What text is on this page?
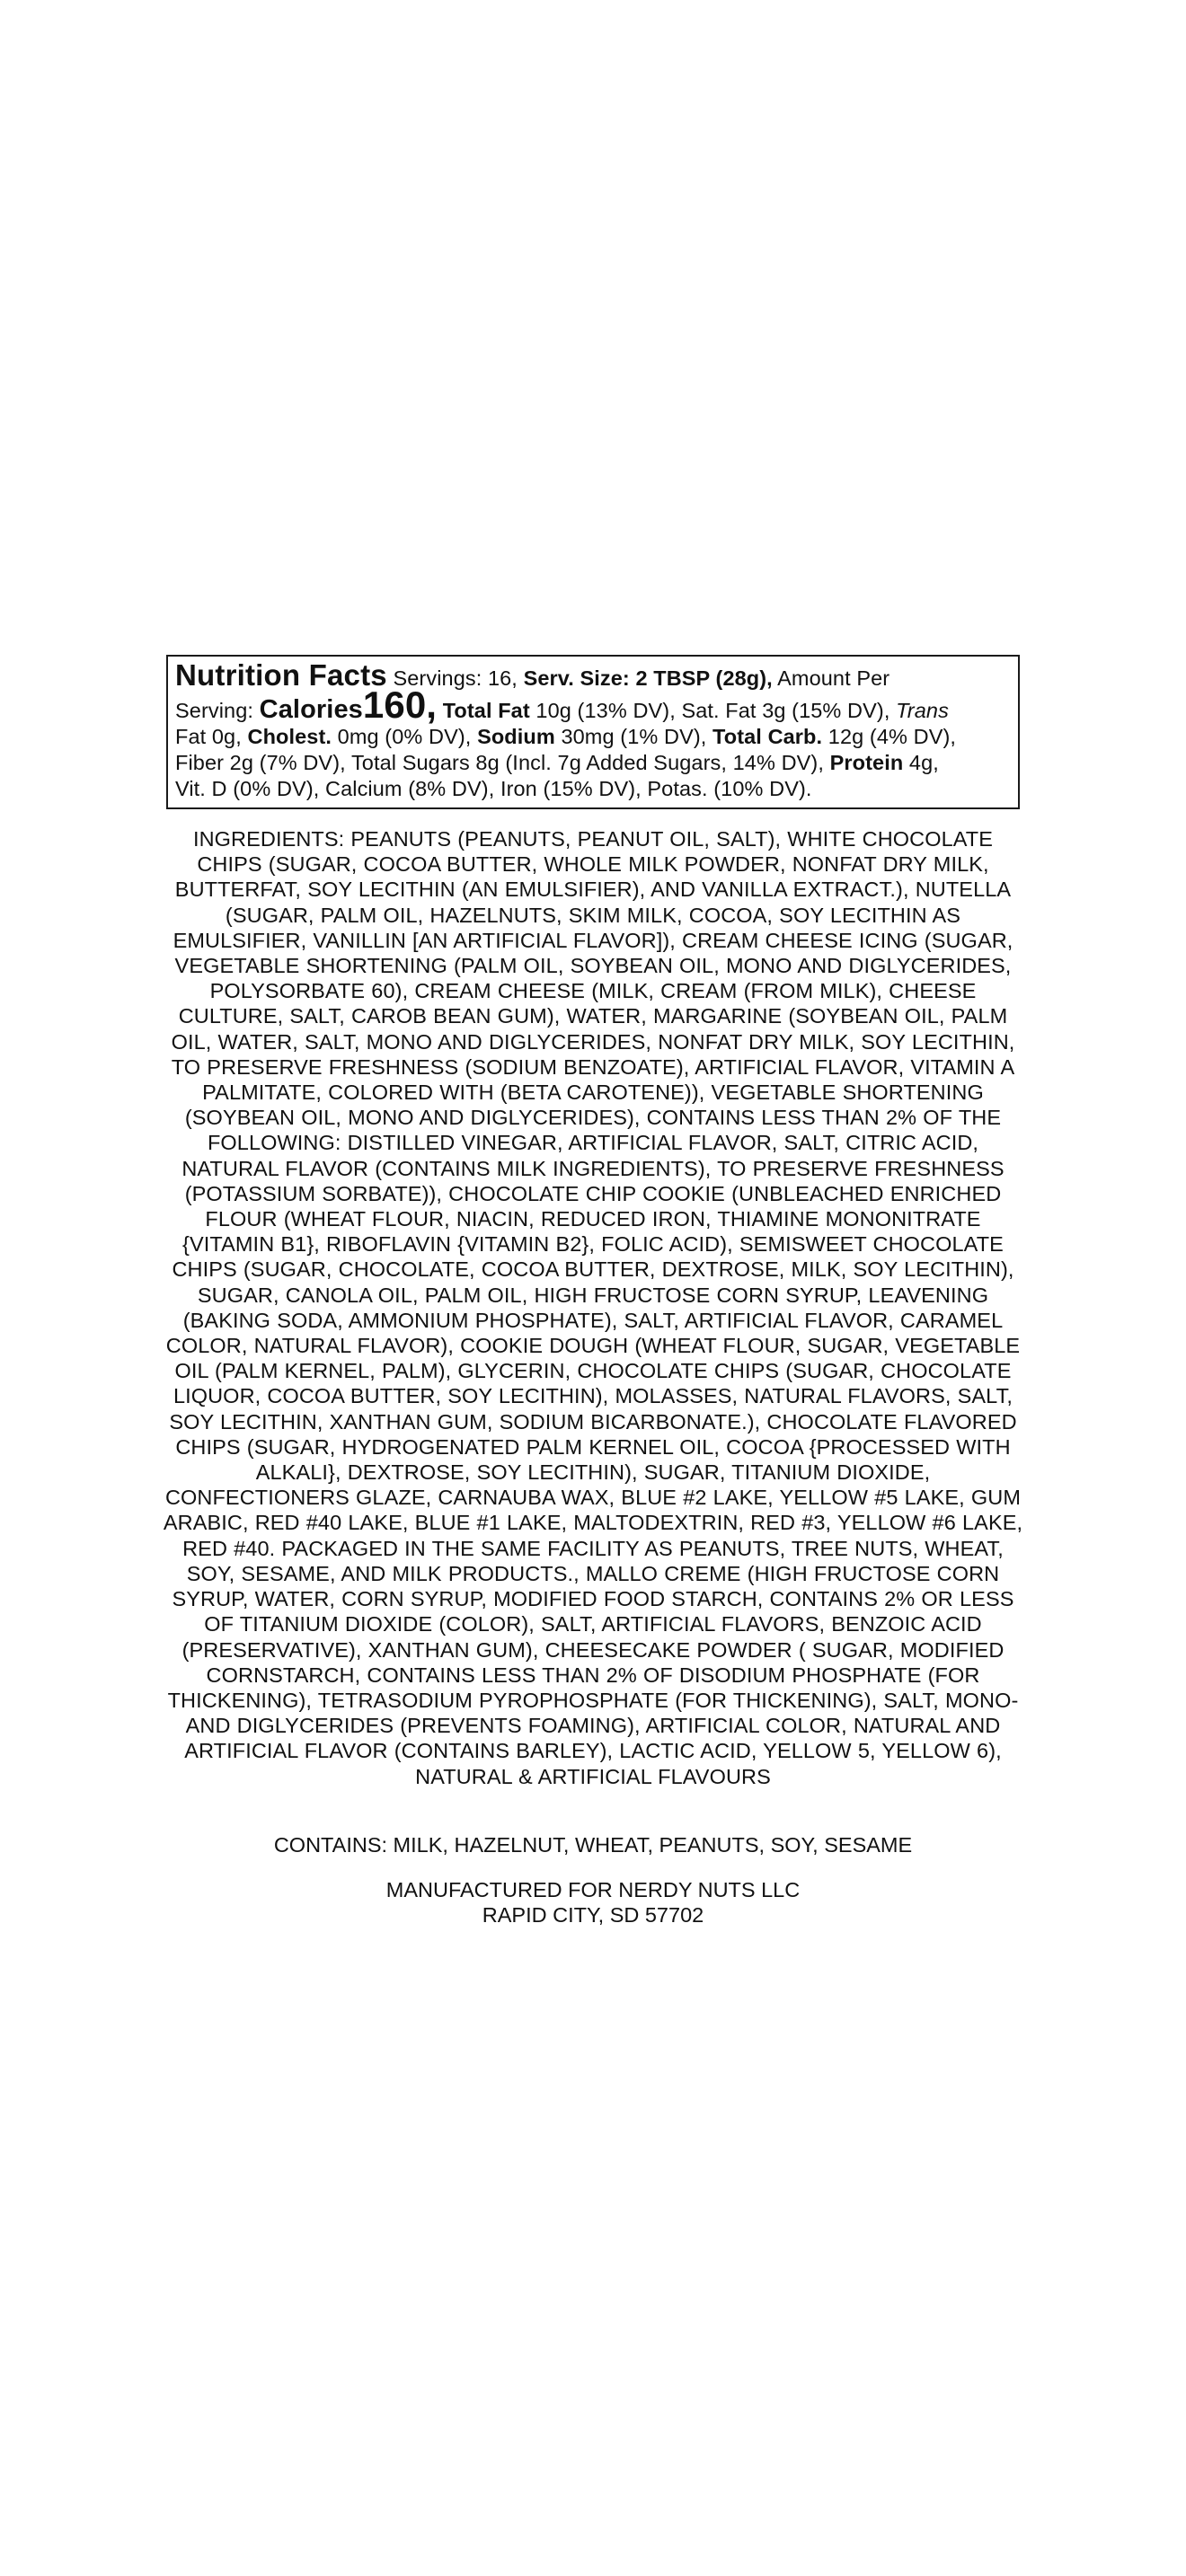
Nutrition Facts Servings: 16, Serv. Size: 2 TBSP (28g), Amount Per
Serving: Calories160, Total Fat 10g (13% DV), Sat. Fat 3g (15% DV), Trans
Fat 0g, Cholest. 0mg (0% DV), Sodium 30mg (1% DV), Total Carb. 12g (4% DV),
Fiber 2g (7% DV), Total Sugars 8g (Incl. 7g Added Sugars, 14% DV), Protein 4g,
Vit. D (0% DV), Calcium (8% DV), Iron (15% DV), Potas. (10% DV).
INGREDIENTS: PEANUTS (PEANUTS, PEANUT OIL, SALT), WHITE CHOCOLATE CHIPS (SUGAR, COCOA BUTTER, WHOLE MILK POWDER, NONFAT DRY MILK, BUTTERFAT, SOY LECITHIN (AN EMULSIFIER), AND VANILLA EXTRACT.), NUTELLA (SUGAR, PALM OIL, HAZELNUTS, SKIM MILK, COCOA, SOY LECITHIN AS EMULSIFIER, VANILLIN [AN ARTIFICIAL FLAVOR]), CREAM CHEESE ICING (SUGAR, VEGETABLE SHORTENING (PALM OIL, SOYBEAN OIL, MONO AND DIGLYCERIDES, POLYSORBATE 60), CREAM CHEESE (MILK, CREAM (FROM MILK), CHEESE CULTURE, SALT, CAROB BEAN GUM), WATER, MARGARINE (SOYBEAN OIL, PALM OIL, WATER, SALT, MONO AND DIGLYCERIDES, NONFAT DRY MILK, SOY LECITHIN, TO PRESERVE FRESHNESS (SODIUM BENZOATE), ARTIFICIAL FLAVOR, VITAMIN A PALMITATE, COLORED WITH (BETA CAROTENE)), VEGETABLE SHORTENING (SOYBEAN OIL, MONO AND DIGLYCERIDES), CONTAINS LESS THAN 2% OF THE FOLLOWING: DISTILLED VINEGAR, ARTIFICIAL FLAVOR, SALT, CITRIC ACID, NATURAL FLAVOR (CONTAINS MILK INGREDIENTS), TO PRESERVE FRESHNESS (POTASSIUM SORBATE)), CHOCOLATE CHIP COOKIE (UNBLEACHED ENRICHED FLOUR (WHEAT FLOUR, NIACIN, REDUCED IRON, THIAMINE MONONITRATE {VITAMIN B1}, RIBOFLAVIN {VITAMIN B2}, FOLIC ACID), SEMISWEET CHOCOLATE CHIPS (SUGAR, CHOCOLATE, COCOA BUTTER, DEXTROSE, MILK, SOY LECITHIN), SUGAR, CANOLA OIL, PALM OIL, HIGH FRUCTOSE CORN SYRUP, LEAVENING (BAKING SODA, AMMONIUM PHOSPHATE), SALT, ARTIFICIAL FLAVOR, CARAMEL COLOR, NATURAL FLAVOR), COOKIE DOUGH (WHEAT FLOUR, SUGAR, VEGETABLE OIL (PALM KERNEL, PALM), GLYCERIN, CHOCOLATE CHIPS (SUGAR, CHOCOLATE LIQUOR, COCOA BUTTER, SOY LECITHIN), MOLASSES, NATURAL FLAVORS, SALT, SOY LECITHIN, XANTHAN GUM, SODIUM BICARBONATE.), CHOCOLATE FLAVORED CHIPS (SUGAR, HYDROGENATED PALM KERNEL OIL, COCOA {PROCESSED WITH ALKALI}, DEXTROSE, SOY LECITHIN), SUGAR, TITANIUM DIOXIDE, CONFECTIONERS GLAZE, CARNAUBA WAX, BLUE #2 LAKE, YELLOW #5 LAKE, GUM ARABIC, RED #40 LAKE, BLUE #1 LAKE, MALTODEXTRIN, RED #3, YELLOW #6 LAKE, RED #40. PACKAGED IN THE SAME FACILITY AS PEANUTS, TREE NUTS, WHEAT, SOY, SESAME, AND MILK PRODUCTS., MALLO CREME (HIGH FRUCTOSE CORN SYRUP, WATER, CORN SYRUP, MODIFIED FOOD STARCH, CONTAINS 2% OR LESS OF TITANIUM DIOXIDE (COLOR), SALT, ARTIFICIAL FLAVORS, BENZOIC ACID (PRESERVATIVE), XANTHAN GUM), CHEESECAKE POWDER ( SUGAR, MODIFIED CORNSTARCH, CONTAINS LESS THAN 2% OF DISODIUM PHOSPHATE (FOR THICKENING), TETRASODIUM PYROPHOSPHATE (FOR THICKENING), SALT, MONO- AND DIGLYCERIDES (PREVENTS FOAMING), ARTIFICIAL COLOR, NATURAL AND ARTIFICIAL FLAVOR (CONTAINS BARLEY), LACTIC ACID, YELLOW 5, YELLOW 6), NATURAL & ARTIFICIAL FLAVOURS
CONTAINS: MILK, HAZELNUT, WHEAT, PEANUTS, SOY, SESAME
MANUFACTURED FOR NERDY NUTS LLC
RAPID CITY, SD 57702
